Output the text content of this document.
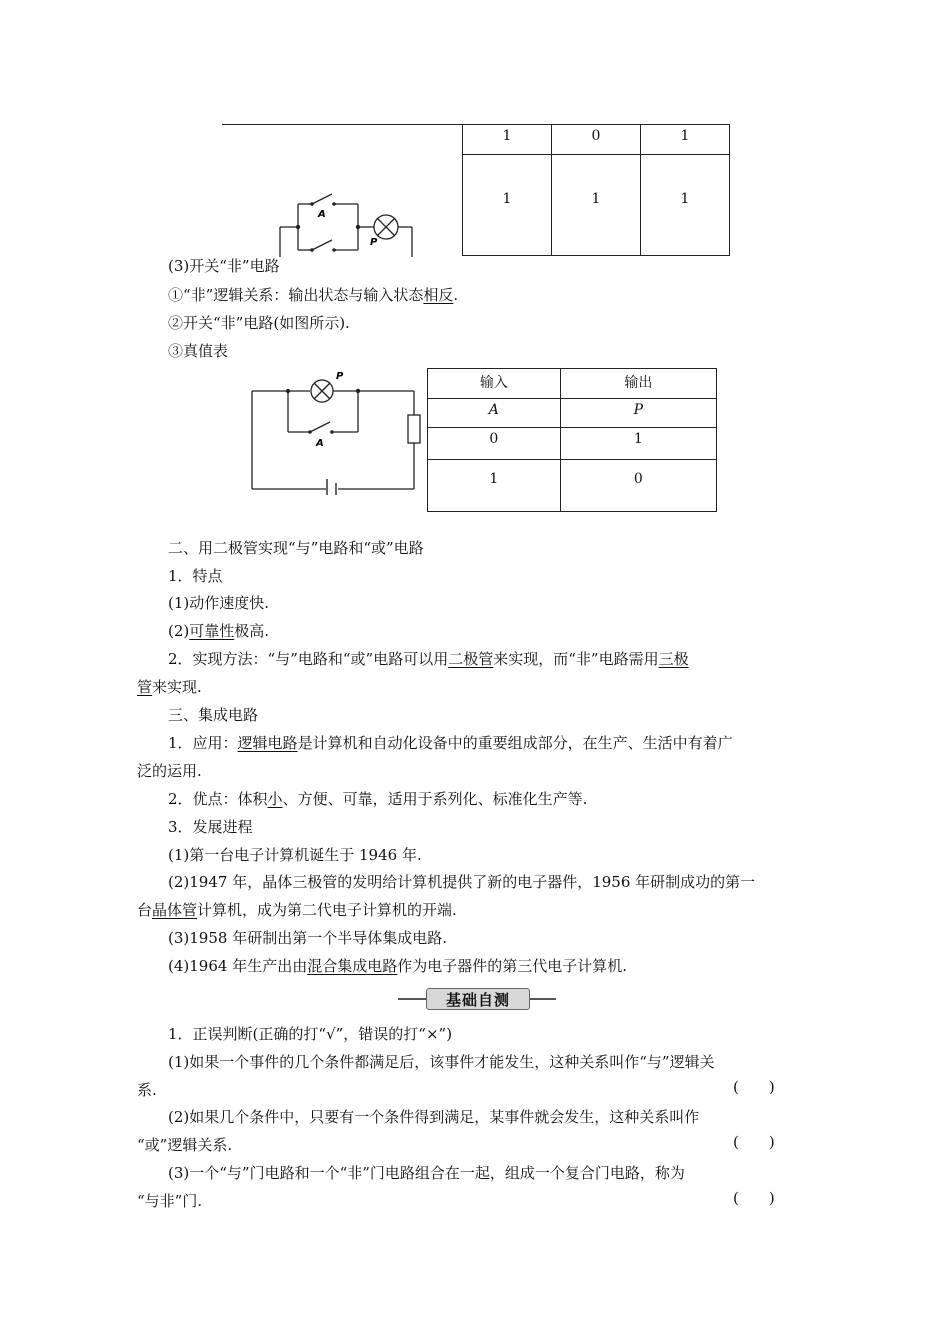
1	0	1
1	1	1
A
P
(3)开关“非”电路
①“非”逻辑关系：输出状态与输入状态相反.
②开关“非”电路(如图所示).
③真值表
P
A
输入	输出
A	P
0	1
1	0
二、用二极管实现“与”电路和“或”电路
1．特点
(1)动作速度快.
(2)可靠性极高.
2．实现方法：“与”电路和“或”电路可以用二极管来实现，而“非”电路需用三极
管来实现.
三、集成电路
1．应用：逻辑电路是计算机和自动化设备中的重要组成部分，在生产、生活中有着广
泛的运用.
2．优点：体积小、方便、可靠，适用于系列化、标准化生产等.
3．发展进程
(1)第一台电子计算机诞生于 1946 年.
(2)1947 年，晶体三极管的发明给计算机提供了新的电子器件，1956 年研制成功的第一
台晶体管计算机，成为第二代电子计算机的开端.
(3)1958 年研制出第一个半导体集成电路.
(4)1964 年生产出由混合集成电路作为电子器件的第三代电子计算机.
基础自测
1．正误判断(正确的打“√”，错误的打“×”)
(1)如果一个事件的几个条件都满足后，该事件才能发生，这种关系叫作“与”逻辑关
系.	(　　)
(2)如果几个条件中，只要有一个条件得到满足，某事件就会发生，这种关系叫作
“或”逻辑关系.	(　　)
(3)一个“与”门电路和一个“非”门电路组合在一起，组成一个复合门电路，称为
“与非”门.	(　　)
